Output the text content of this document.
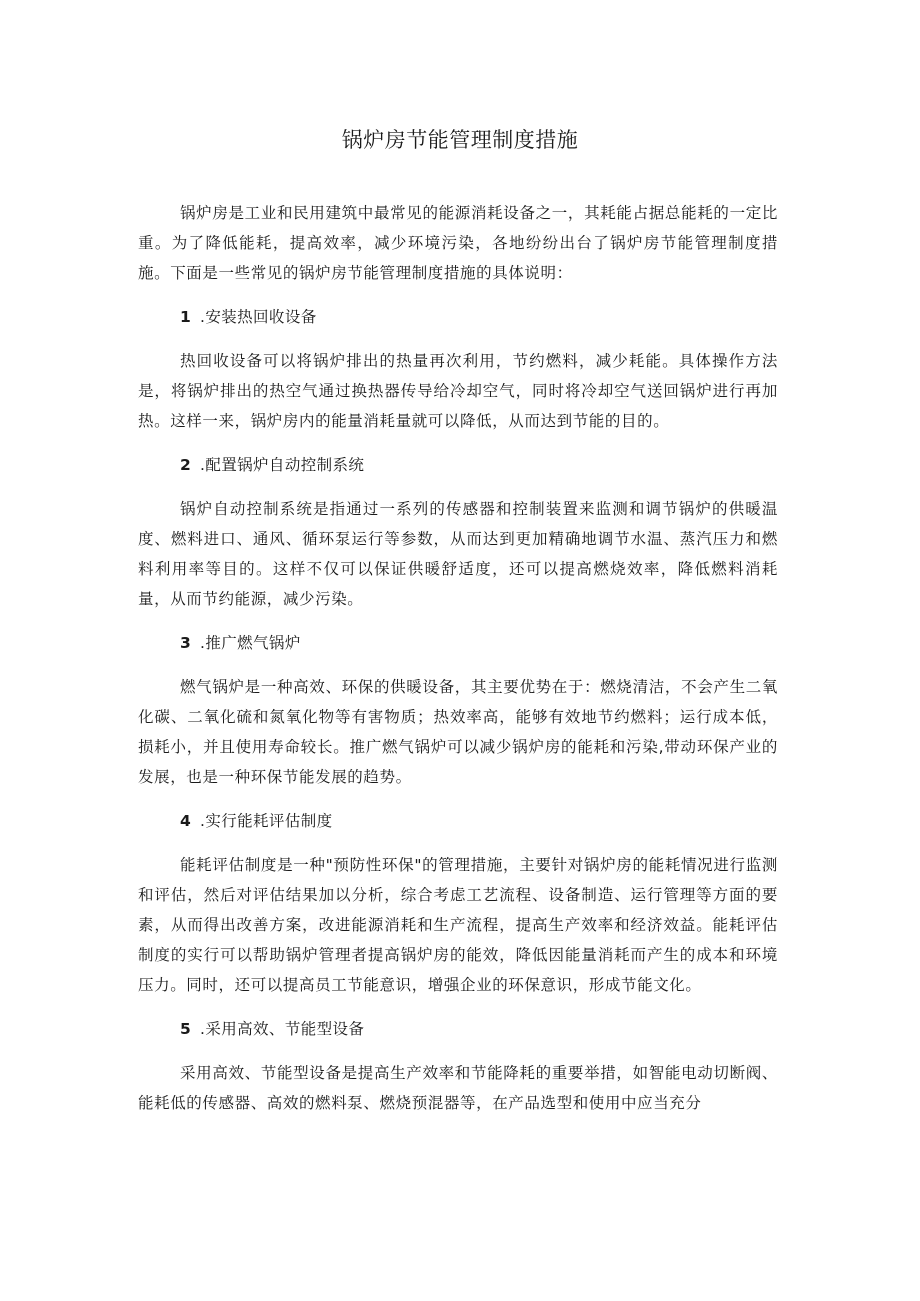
锅炉房节能管理制度措施

锅炉房是工业和民用建筑中最常见的能源消耗设备之一，其耗能占据总能耗的一定比重。为了降低能耗，提高效率，减少环境污染，各地纷纷出台了锅炉房节能管理制度措施。下面是一些常见的锅炉房节能管理制度措施的具体说明：

1 .安装热回收设备

热回收设备可以将锅炉排出的热量再次利用，节约燃料，减少耗能。具体操作方法是，将锅炉排出的热空气通过换热器传导给冷却空气，同时将冷却空气送回锅炉进行再加热。这样一来，锅炉房内的能量消耗量就可以降低，从而达到节能的目的。

2 .配置锅炉自动控制系统

锅炉自动控制系统是指通过一系列的传感器和控制装置来监测和调节锅炉的供暖温度、燃料进口、通风、循环泵运行等参数，从而达到更加精确地调节水温、蒸汽压力和燃料利用率等目的。这样不仅可以保证供暖舒适度，还可以提高燃烧效率，降低燃料消耗量，从而节约能源，减少污染。

3 .推广燃气锅炉

燃气锅炉是一种高效、环保的供暖设备，其主要优势在于：燃烧清洁，不会产生二氧化碳、二氧化硫和氮氧化物等有害物质；热效率高，能够有效地节约燃料；运行成本低，损耗小，并且使用寿命较长。推广燃气锅炉可以减少锅炉房的能耗和污染,带动环保产业的发展，也是一种环保节能发展的趋势。

4 .实行能耗评估制度

能耗评估制度是一种"预防性环保"的管理措施，主要针对锅炉房的能耗情况进行监测和评估，然后对评估结果加以分析，综合考虑工艺流程、设备制造、运行管理等方面的要素，从而得出改善方案，改进能源消耗和生产流程，提高生产效率和经济效益。能耗评估制度的实行可以帮助锅炉管理者提高锅炉房的能效，降低因能量消耗而产生的成本和环境压力。同时，还可以提高员工节能意识，增强企业的环保意识，形成节能文化。

5 .采用高效、节能型设备

采用高效、节能型设备是提高生产效率和节能降耗的重要举措，如智能电动切断阀、能耗低的传感器、高效的燃料泵、燃烧预混器等，在产品选型和使用中应当充分
